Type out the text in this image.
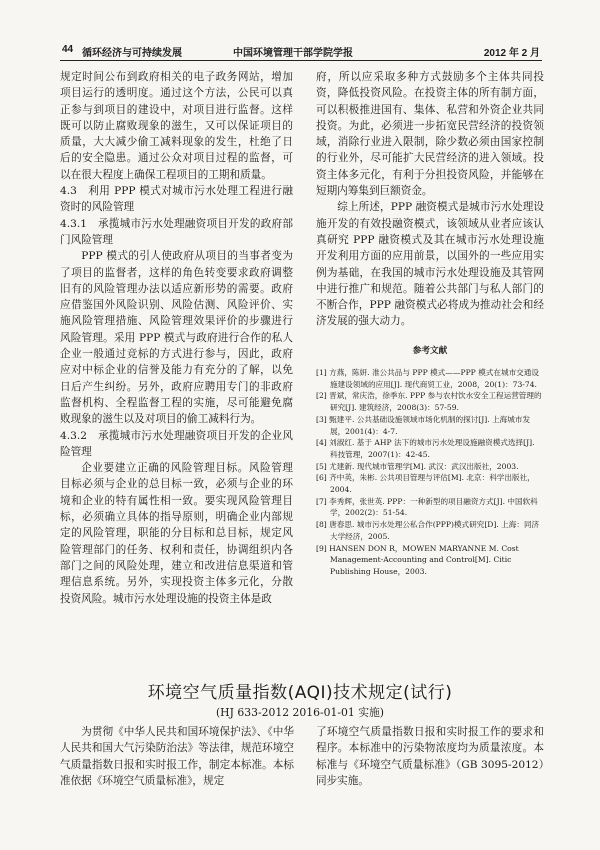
44 循环经济与可持续发展	中国环境管理干部学院学报	2012 年 2 月

规定时间公布到政府相关的电子政务网站，增加项目运行的透明度。通过这个方法，公民可以真正参与到项目的建设中，对项目进行监督。这样既可以防止腐败现象的滋生，又可以保证项目的质量，大大减少偷工减料现象的发生，杜绝了日后的安全隐患。通过公众对项目过程的监督，可以在很大程度上确保工程项目的工期和质量。

4.3　利用 PPP 模式对城市污水处理工程进行融资时的风险管理

4.3.1　承揽城市污水处理融资项目开发的政府部门风险管理

PPP 模式的引人使政府从项目的当事者变为了项目的监督者，这样的角色转变要求政府调整旧有的风险管理办法以适应新形势的需要。政府应借鉴国外风险识别、风险估测、风险评价、实施风险管理措施、风险管理效果评价的步骤进行风险管理。采用 PPP 模式与政府进行合作的私人企业一般通过竞标的方式进行参与，因此，政府应对中标企业的信誉及能力有充分的了解，以免日后产生纠纷。另外，政府应聘用专门的非政府监督机构、全程监督工程的实施，尽可能避免腐败现象的滋生以及对项目的偷工减料行为。

4.3.2　承揽城市污水处理融资项目开发的企业风险管理

企业要建立正确的风险管理目标。风险管理目标必须与企业的总目标一致，必须与企业的环境和企业的特有属性相一致。要实现风险管理目标，必须确立具体的指导原则，明确企业内部规定的风险管理，职能的分目标和总目标，规定风险管理部门的任务、权利和责任，协调组织内各部门之间的风险处理，建立和改进信息渠道和管理信息系统。另外，实现投资主体多元化，分散投资风险。城市污水处理设施的投资主体是政

府，所以应采取多种方式鼓励多个主体共同投资，降低投资风险。在投资主体的所有制方面，可以积极推进国有、集体、私营和外资企业共同投资。为此，必须进一步拓宽民营经济的投资领域，消除行业进入限制，除少数必须由国家控制的行业外，尽可能扩大民营经济的进入领域。投资主体多元化，有利于分担投资风险，并能够在短期内筹集到巨额资金。

综上所述，PPP 融资模式是城市污水处理设施开发的有效投融资模式，该领域从业者应该认真研究 PPP 融资模式及其在城市污水处理设施开发利用方面的应用前景，以国外的一些应用实例为基础，在我国的城市污水处理设施及其管网中进行推广和规范。随着公共部门与私人部门的不断合作，PPP 融资模式必将成为推动社会和经济发展的强大动力。

参考文献
[1] 方燕，陈妍. 准公共品与 PPP 模式——PPP 模式在城市交通设施建设领域的应用[J]. 现代商贸工业，2008，20(1)：73-74.
[2] 晋斌，常庆浩，徐季东. PPP 参与农村饮水安全工程运营管理的研究[J]. 建筑经济，2008(3)：57-59.
[3] 甄建平. 公共基础设施领域市场化机制的探讨[J]. 上海城市发展，2001(4)：4-7.
[4] 刘淑红. 基于 AHP 法下的城市污水处理设施融资模式选择[J]. 科技管理，2007(1)：42-45.
[5] 尤建新. 现代城市管理学[M]. 武汉：武汉出版社，2003.
[6] 齐中英，朱彬. 公共项目管理与评估[M]. 北京：科学出版社，2004.
[7] 李秀辉，张世英. PPP：一种新型的项目融资方式[J]. 中国软科学，2002(2)：51-54.
[8] 唐春思. 城市污水处理公私合作(PPP)模式研究[D]. 上海：同济大学经济，2005.
[9] HANSEN DON R，MOWEN MARYANNE M. Cost Management-Accounting and Control[M]. Citic Publishing House，2003.
环境空气质量指数(AQI)技术规定(试行)
(HJ 633-2012 2016-01-01 实施)

为贯彻《中华人民共和国环境保护法》、《中华人民共和国大气污染防治法》等法律，规范环境空气质量指数日报和实时报工作，制定本标准。本标准依据《环境空气质量标准》，规定

了环境空气质量指数日报和实时报工作的要求和程序。本标准中的污染物浓度均为质量浓度。本标准与《环境空气质量标准》（GB 3095-2012）同步实施。
